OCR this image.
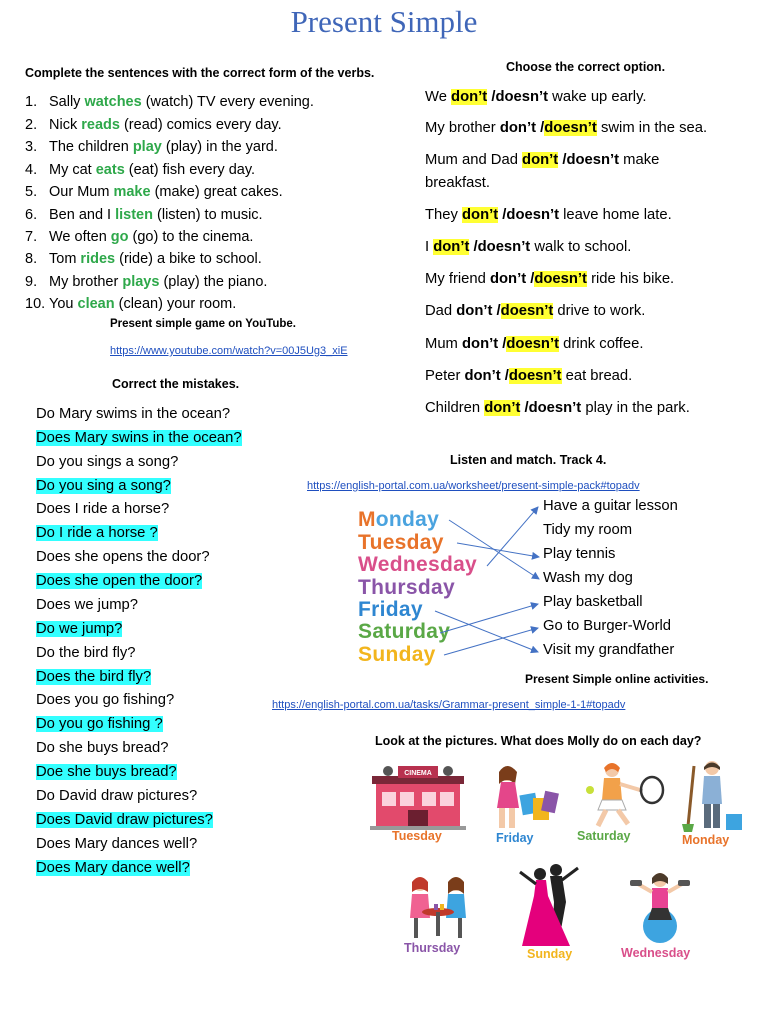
Present Simple
Complete the sentences with the correct form of the verbs.
1. Sally watches (watch) TV every evening.
2. Nick reads (read) comics every day.
3. The children play (play) in the yard.
4. My cat eats (eat) fish every day.
5. Our Mum make (make) great cakes.
6. Ben and I listen (listen) to music.
7. We often go (go) to the cinema.
8. Tom rides (ride) a bike to school.
9. My brother plays (play) the piano.
10. You clean (clean) your room.
Present simple game on YouTube.
https://www.youtube.com/watch?v=00J5Ug3_xiE
Choose the correct option.
We don’t /doesn’t wake up early.
My brother don’t /doesn’t swim in the sea.
Mum and Dad don’t /doesn’t make
breakfast.
They don’t /doesn’t leave home late.
I don’t /doesn’t walk to school.
My friend don’t /doesn’t ride his bike.
Dad don’t /doesn’t drive to work.
Mum don’t /doesn’t drink coffee.
Peter don’t /doesn’t eat bread.
Children don’t /doesn’t play in the park.
Correct the mistakes.
Do Mary swims in the ocean?
Does Mary swins in the ocean?
Do you sings a song?
Do you sing a song?
Does I ride a horse?
Do I ride a horse ?
Does she opens the door?
Does she open the door?
Does we jump?
Do we jump?
Do the bird fly?
Does the bird fly?
Does you go fishing?
Do you go fishing ?
Do she buys bread?
Doe she buys bread?
Do David draw pictures?
Does David draw pictures?
Does Mary dances well?
Does Mary dance well?
Listen and match. Track 4.
https://english-portal.com.ua/worksheet/present-simple-pack#topadv
Monday
Tuesday
Wednesday
Thursday
Friday
Saturday
Sunday
Have a guitar lesson
Tidy my room
Play tennis
Wash my dog
Play basketball
Go to Burger-World
Visit my grandfather
Present Simple online activities.
https://english-portal.com.ua/tasks/Grammar-present_simple-1-1#topadv
Look at the pictures. What does Molly do on each day?
CINEMA
Tuesday	Friday	Saturday	Monday
Thursday	Sunday	Wednesday
